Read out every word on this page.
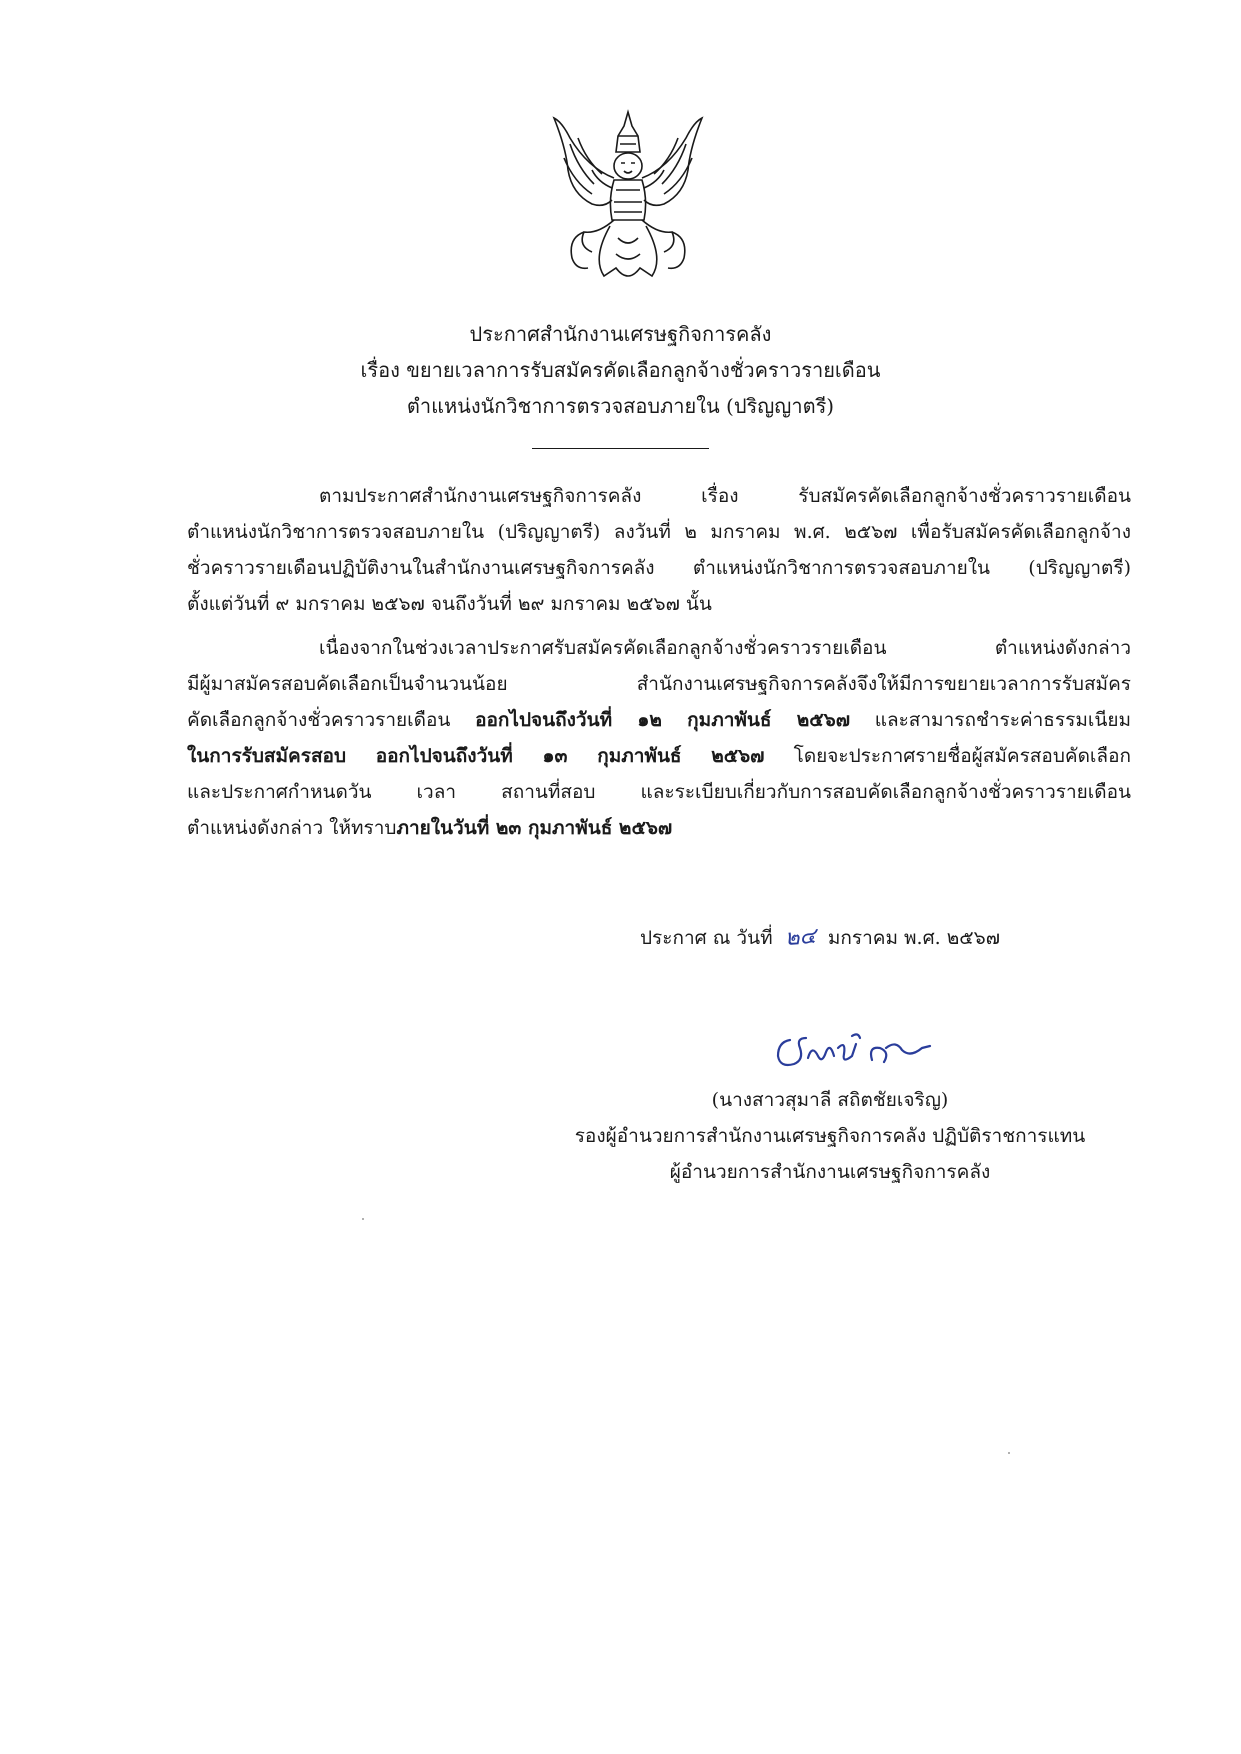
ประกาศสำนักงานเศรษฐกิจการคลัง
เรื่อง ขยายเวลาการรับสมัครคัดเลือกลูกจ้างชั่วคราวรายเดือน
ตำแหน่งนักวิชาการตรวจสอบภายใน (ปริญญาตรี)
ตามประกาศสำนักงานเศรษฐกิจการคลัง เรื่อง รับสมัครคัดเลือกลูกจ้างชั่วคราวรายเดือน
ตำแหน่งนักวิชาการตรวจสอบภายใน (ปริญญาตรี) ลงวันที่ ๒ มกราคม พ.ศ. ๒๕๖๗ เพื่อรับสมัครคัดเลือกลูกจ้าง
ชั่วคราวรายเดือนปฏิบัติงานในสำนักงานเศรษฐกิจการคลัง ตำแหน่งนักวิชาการตรวจสอบภายใน (ปริญญาตรี)
ตั้งแต่วันที่ ๙ มกราคม ๒๕๖๗ จนถึงวันที่ ๒๙ มกราคม ๒๕๖๗ นั้น
เนื่องจากในช่วงเวลาประกาศรับสมัครคัดเลือกลูกจ้างชั่วคราวรายเดือน ตำแหน่งดังกล่าว
มีผู้มาสมัครสอบคัดเลือกเป็นจำนวนน้อย สำนักงานเศรษฐกิจการคลังจึงให้มีการขยายเวลาการรับสมัคร
คัดเลือกลูกจ้างชั่วคราวรายเดือน ออกไปจนถึงวันที่ ๑๒ กุมภาพันธ์ ๒๕๖๗ และสามารถชำระค่าธรรมเนียม
ในการรับสมัครสอบ ออกไปจนถึงวันที่ ๑๓ กุมภาพันธ์ ๒๕๖๗ โดยจะประกาศรายชื่อผู้สมัครสอบคัดเลือก
และประกาศกำหนดวัน เวลา สถานที่สอบ และระเบียบเกี่ยวกับการสอบคัดเลือกลูกจ้างชั่วคราวรายเดือน
ตำแหน่งดังกล่าว ให้ทราบภายในวันที่ ๒๓ กุมภาพันธ์ ๒๕๖๗
ประกาศ ณ วันที่ ๒๔ มกราคม พ.ศ. ๒๕๖๗
(นางสาวสุมาลี สถิตชัยเจริญ)
รองผู้อำนวยการสำนักงานเศรษฐกิจการคลัง ปฏิบัติราชการแทน
ผู้อำนวยการสำนักงานเศรษฐกิจการคลัง
